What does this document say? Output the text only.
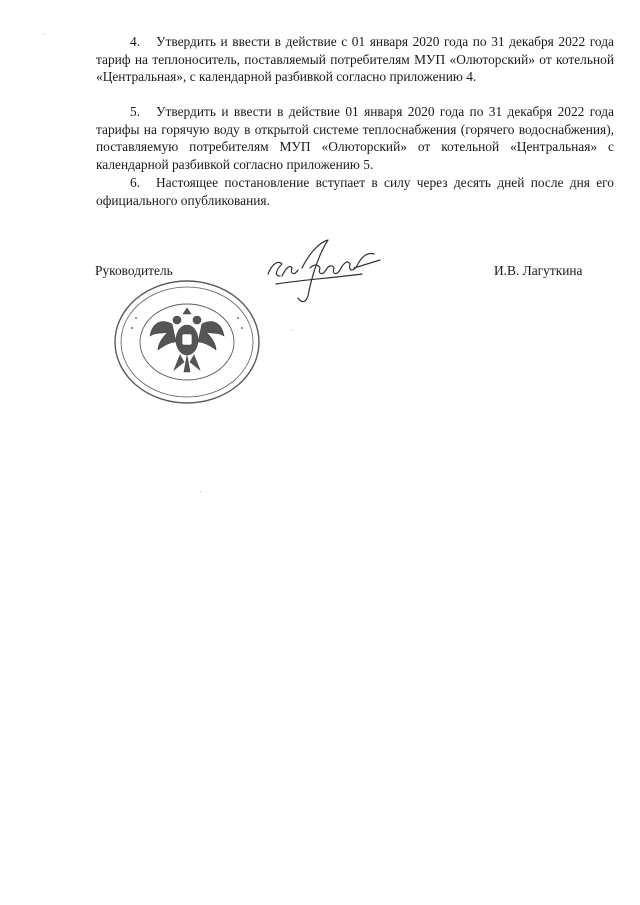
4. Утвердить и ввести в действие с 01 января 2020 года по 31 декабря 2022 года тариф на теплоноситель, поставляемый потребителям МУП «Олюторский» от котельной «Центральная», с календарной разбивкой согласно приложению 4.

5. Утвердить и ввести в действие 01 января 2020 года по 31 декабря 2022 года тарифы на горячую воду в открытой системе теплоснабжения (горячего водоснабжения), поставляемую потребителям МУП «Олюторский» от котельной «Центральная» с календарной разбивкой согласно приложению 5.

6. Настоящее постановление вступает в силу через десять дней после дня его официального опубликования.

Руководитель	И.В. Лагуткина
